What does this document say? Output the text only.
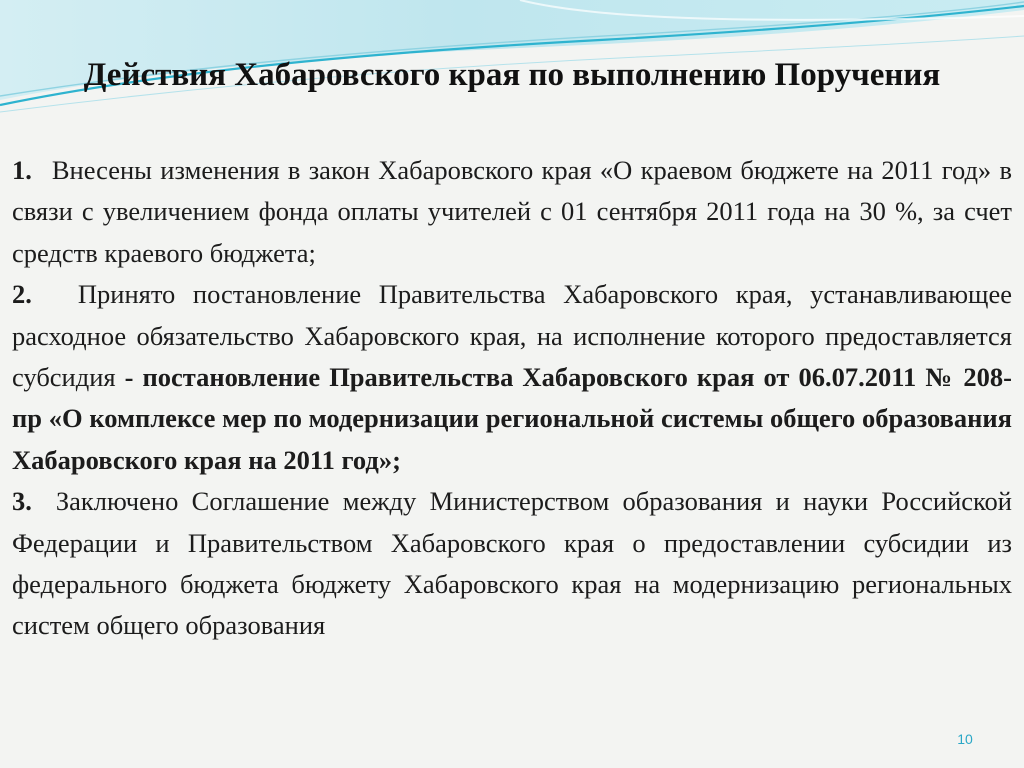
Действия Хабаровского края по выполнению Поручения

1. Внесены изменения в закон Хабаровского края «О краевом бюджете на 2011 год» в связи с увеличением фонда оплаты учителей с 01 сентября 2011 года на 30 %, за счет средств краевого бюджета;

2. Принято постановление Правительства Хабаровского края, устанавливающее расходное обязательство Хабаровского края, на исполнение которого предоставляется субсидия - постановление Правительства Хабаровского края от 06.07.2011 № 208-пр «О комплексе мер по модернизации региональной системы общего образования Хабаровского края на 2011 год»;

3. Заключено Соглашение между Министерством образования и науки Российской Федерации и Правительством Хабаровского края о предоставлении субсидии из федерального бюджета бюджету Хабаровского края на модернизацию региональных систем общего образования

10
